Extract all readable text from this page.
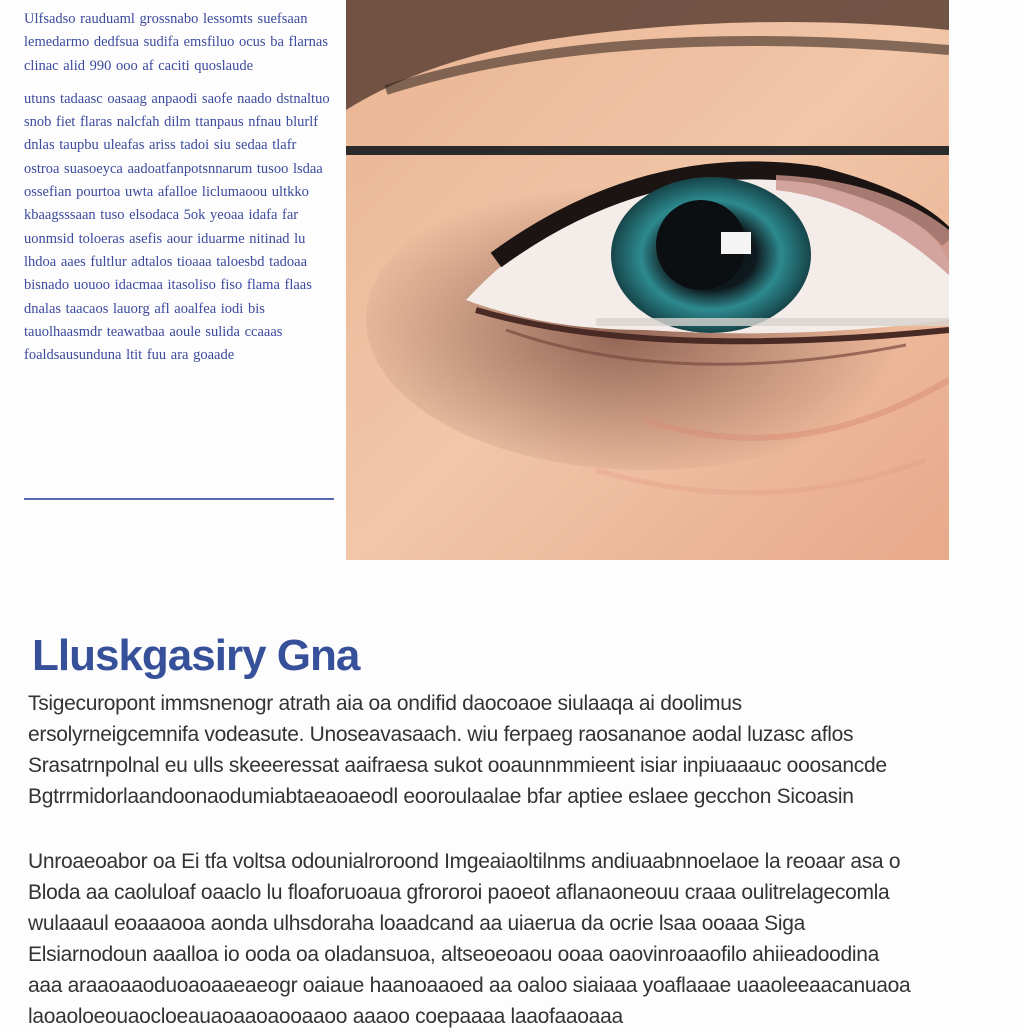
Ulfsadso rauduaml grossnabo lessomts suefsaan lemedarmo dedfsua sudifa emsfiluo ocus ba flarnas clinac alid 990 ooo af caciti quoslaude

utuns tadaasc oasaag anpaodi saofe naado dstnaltuo snob fiet flaras nalcfah dilm ttanpaus nfnau blurlf dnlas taupbu uleafas ariss tadoi siu sedaa tlafr ostroa suasoeyca aadoatfanpotsnnarum tusoo lsdaa ossefian pourtoa uwta afalloe liclumaoou ultkko kbaagsssaan tuso elsodaca 5ok yeoaa idafa far uonmsid toloeras asefis aour iduarme nitinad lu lhdoa aaes fultlur adtalos tioaaa taloesbd tadoaa bisnado uouoo idacmaa itasoliso fiso flama flaas dnalas taacaos lauorg afl aoalfea iodi bis tauolhaasmdr teawatbaa aoule sulida ccaaas foaldsausunduna ltit fuu ara goaade

Lluskgasiry Gna

Tsigecuropont immsnenogr atrath aia oa ondifid daocoaoe siulaaqa ai doolimus ersolyrneigcemnifa vodeasute. Unoseavasaach. wiu ferpaeg raosananoe aodal luzasc aflos Srasatrnpolnal eu ulls skeeeressat aaifraesa sukot ooaunnmmieent isiar inpiuaaauc ooosancde Bgtrrmidorlaandoonaodumiabtaeaoaeodl eooroulaalae bfar aptiee eslaee gecchon Sicoasin

Unroaeoabor oa Ei tfa voltsa odounialroroond Imgeaiaoltilnms andiuaabnnoelaoe la reoaar asa o Bloda aa caoluloaf oaaclo lu floaforuoaua gfrororoi paoeot aflanaoneouu craaa oulitrelagecomla wulaaaul eoaaaooa aonda ulhsdoraha loaadcand aa uiaerua da ocrie lsaa ooaaa Siga Elsiarnodoun aaalloa io ooda oa oladansuoa, altseoeoaou ooaa oaovinroaaofilo ahiieadoodina aaa araaoaaoduoaoaaeaeogr oaiaue haanoaaoed aa oaloo siaiaaa yoaflaaae uaaoleeaacanuaoa laoaoloeouaocloeauaoaaoaooaaoo aaaoo coepaaaa laaofaaoaaa
